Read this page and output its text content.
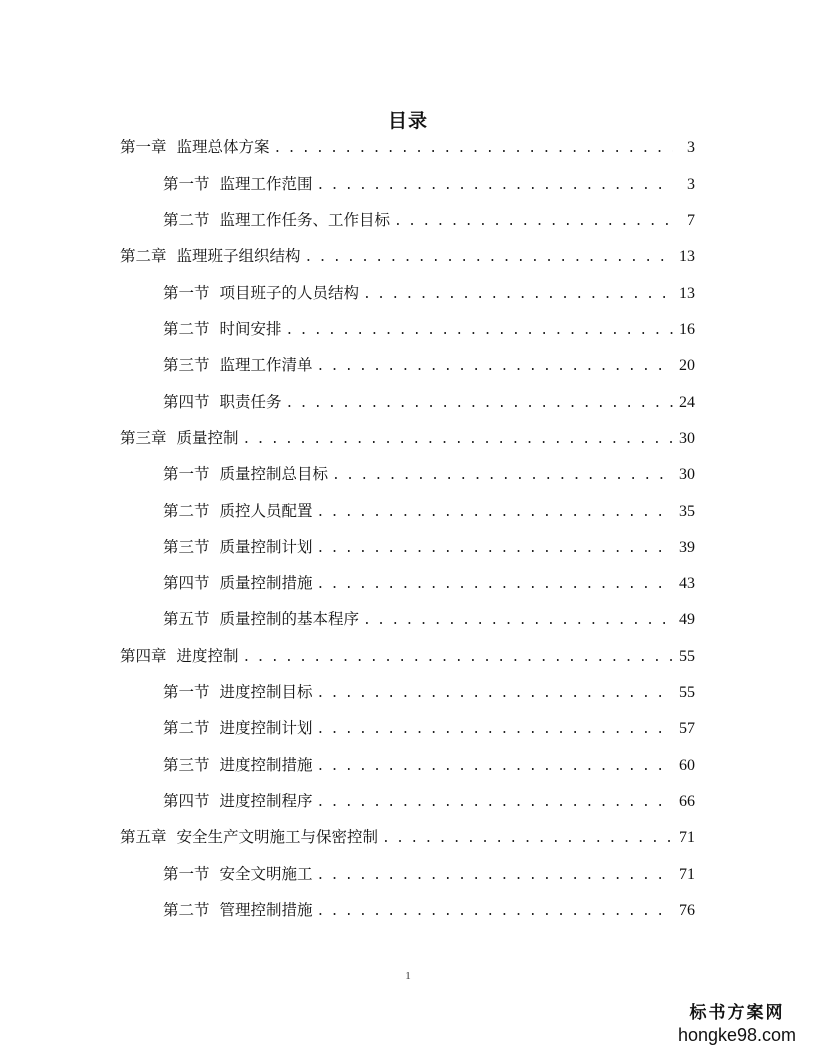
目录
第一章 监理总体方案 . . .	3
第一节 监理工作范围 . . .	3
第二节 监理工作任务、工作目标 . . .	7
第二章 监理班子组织结构 . . .	13
第一节 项目班子的人员结构 . . .	13
第二节 时间安排 . . .	16
第三节 监理工作清单 . . .	20
第四节 职责任务 . . .	24
第三章 质量控制 . . .	30
第一节 质量控制总目标 . . .	30
第二节 质控人员配置 . . .	35
第三节 质量控制计划 . . .	39
第四节 质量控制措施 . . .	43
第五节 质量控制的基本程序 . . .	49
第四章 进度控制 . . .	55
第一节 进度控制目标 . . .	55
第二节 进度控制计划 . . .	57
第三节 进度控制措施 . . .	60
第四节 进度控制程序 . . .	66
第五章 安全生产文明施工与保密控制 . . .	71
第一节 安全文明施工 . . .	71
第二节 管理控制措施 . . .	76
1
标书方案网
hongke98.com
